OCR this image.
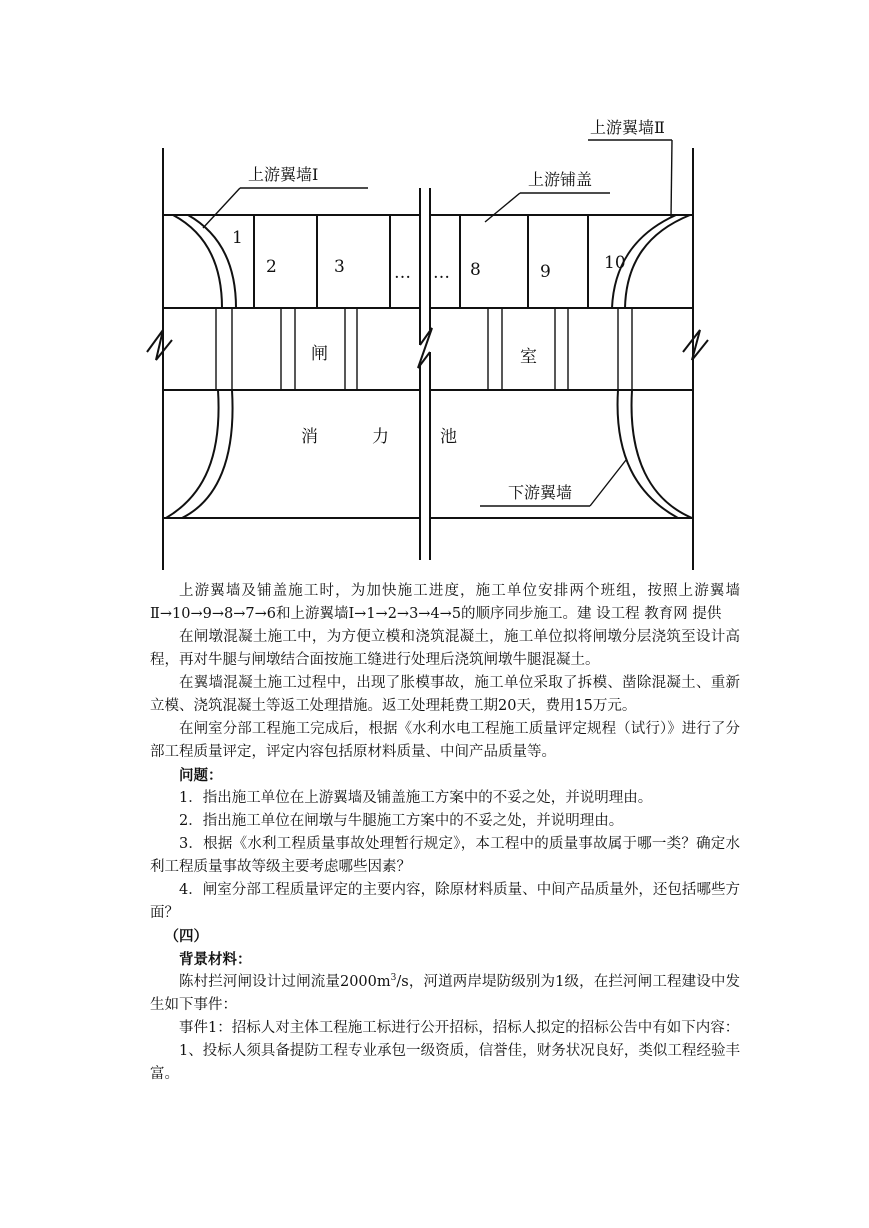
上游翼墙Ⅰ
上游翼墙Ⅱ
上游铺盖
下游翼墙
1
2	3	… … 8	9	10
闸	室
消	力	池

上游翼墙及铺盖施工时，为加快施工进度，施工单位安排两个班组，按照上游翼墙Ⅱ→10→9→8→7→6和上游翼墙Ⅰ→1→2→3→4→5的顺序同步施工。建 设工程 教育网 提供

在闸墩混凝土施工中，为方便立模和浇筑混凝土，施工单位拟将闸墩分层浇筑至设计高程，再对牛腿与闸墩结合面按施工缝进行处理后浇筑闸墩牛腿混凝土。

在翼墙混凝土施工过程中，出现了胀模事故，施工单位采取了拆模、凿除混凝土、重新立模、浇筑混凝土等返工处理措施。返工处理耗费工期20天，费用15万元。

在闸室分部工程施工完成后，根据《水利水电工程施工质量评定规程（试行）》进行了分部工程质量评定，评定内容包括原材料质量、中间产品质量等。

问题：

1．指出施工单位在上游翼墙及铺盖施工方案中的不妥之处，并说明理由。

2．指出施工单位在闸墩与牛腿施工方案中的不妥之处，并说明理由。

3．根据《水利工程质量事故处理暂行规定》，本工程中的质量事故属于哪一类？确定水利工程质量事故等级主要考虑哪些因素？

4．闸室分部工程质量评定的主要内容，除原材料质量、中间产品质量外，还包括哪些方面？

（四）

背景材料：

陈村拦河闸设计过闸流量$2000m^3/s$，河道两岸堤防级别为1级，在拦河闸工程建设中发生如下事件：

事件1：招标人对主体工程施工标进行公开招标，招标人拟定的招标公告中有如下内容：

1、投标人须具备提防工程专业承包一级资质，信誉佳，财务状况良好，类似工程经验丰富。
